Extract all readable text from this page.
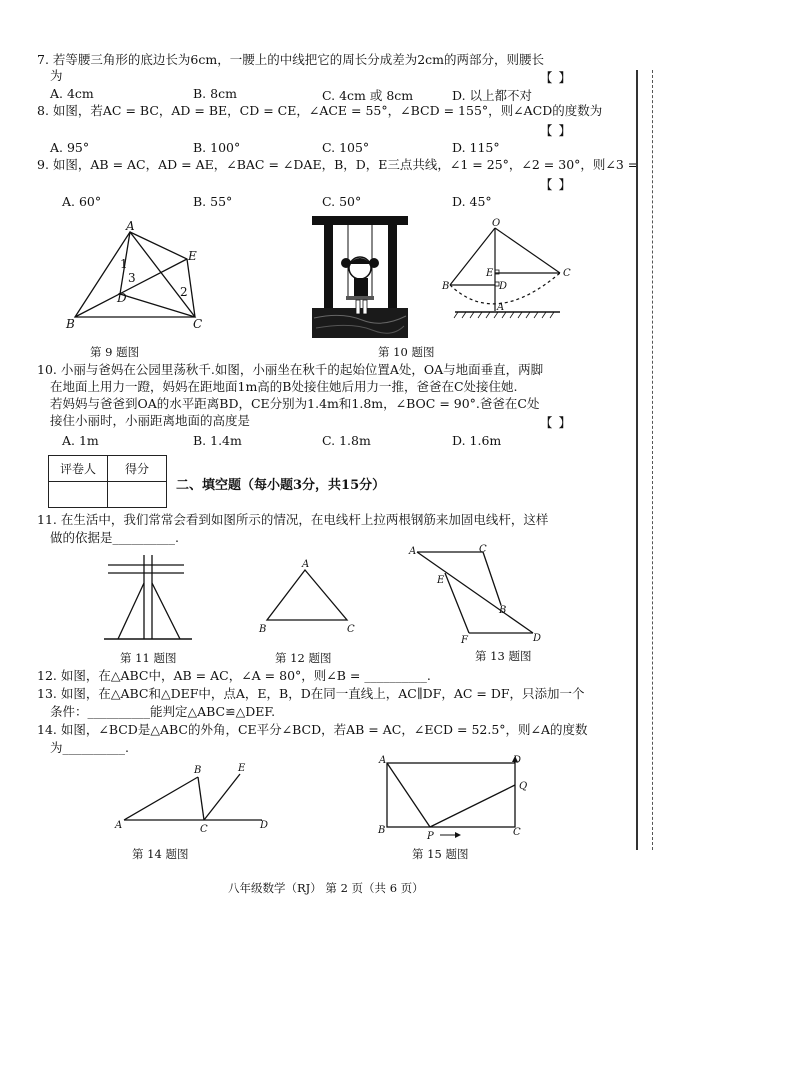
7. 若等腰三角形的底边长为6cm，一腰上的中线把它的周长分成差为2cm的两部分，则腰长
为	【 】
A. 4cm	B. 8cm	C. 4cm 或 8cm	D. 以上都不对
8. 如图，若AC = BC，AD = BE，CD = CE，∠ACE = 55°，∠BCD = 155°，则∠ACD的度数为
【 】
A. 95°	B. 100°	C. 105°	D. 115°
9. 如图，AB = AC，AD = AE，∠BAC = ∠DAE，B，D，E三点共线，∠1 = 25°，∠2 = 30°，则∠3 =
【 】
A. 60°	B. 55°	C. 50°	D. 45°
A
E
1
3
D	2
B	C
第 9 题图	第 10 题图
O
E	C
B	D
A
10. 小丽与爸妈在公园里荡秋千.如图，小丽坐在秋千的起始位置A处，OA与地面垂直，两脚
在地面上用力一蹬，妈妈在距地面1m高的B处接住她后用力一推，爸爸在C处接住她.
若妈妈与爸爸到OA的水平距离BD，CE分别为1.4m和1.8m，∠BOC = 90°.爸爸在C处
接住小丽时，小丽距离地面的高度是	【 】
A. 1m	B. 1.4m	C. 1.8m	D. 1.6m
评卷人	得分

二、填空题（每小题3分，共15分）
11. 在生活中，我们常常会看到如图所示的情况，在电线杆上拉两根钢筋来加固电线杆，这样
做的依据是__________.
第 11 题图
A
B	C
第 12 题图
A	C
E
B
F	D
第 13 题图
12. 如图，在△ABC中，AB = AC，∠A = 80°，则∠B = __________.
13. 如图，在△ABC和△DEF中，点A，E，B，D在同一直线上，AC∥DF，AC = DF，只添加一个
条件：__________能判定△ABC≌△DEF.
14. 如图，∠BCD是△ABC的外角，CE平分∠BCD，若AB = AC，∠ECD = 52.5°，则∠A的度数
为__________.
B	E
A	C	D
第 14 题图
A	D
Q
B
P	C
第 15 题图
八年级数学（RJ） 第 2 页（共 6 页）
